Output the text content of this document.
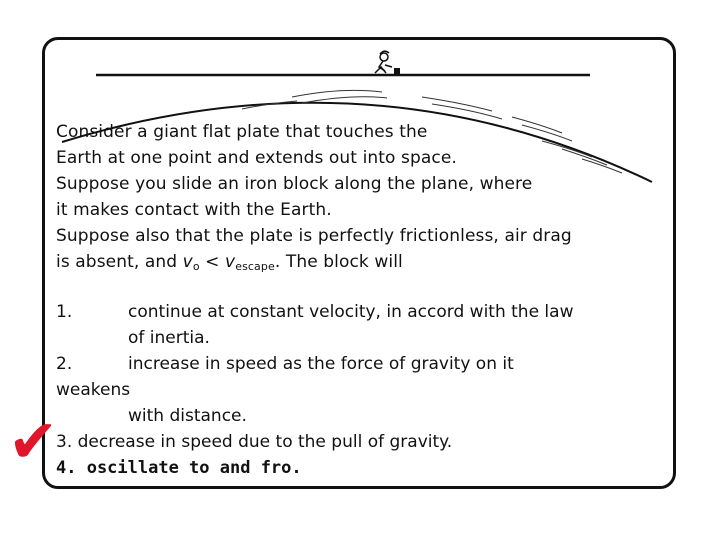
Consider a giant flat plate that touches the
Earth at one point and extends out into space.
Suppose you slide an iron block along the plane, where
it makes contact with the Earth.
Suppose also that the plate is perfectly frictionless, air drag
is absent, and $v_o < v_{escape}$. The block will
1.	continue at constant velocity, in accord with the law
of inertia.
2.	increase in speed as the force of gravity on it
weakens
with distance.
3. decrease in speed due to the pull of gravity.
4. oscillate to and fro.
✔
